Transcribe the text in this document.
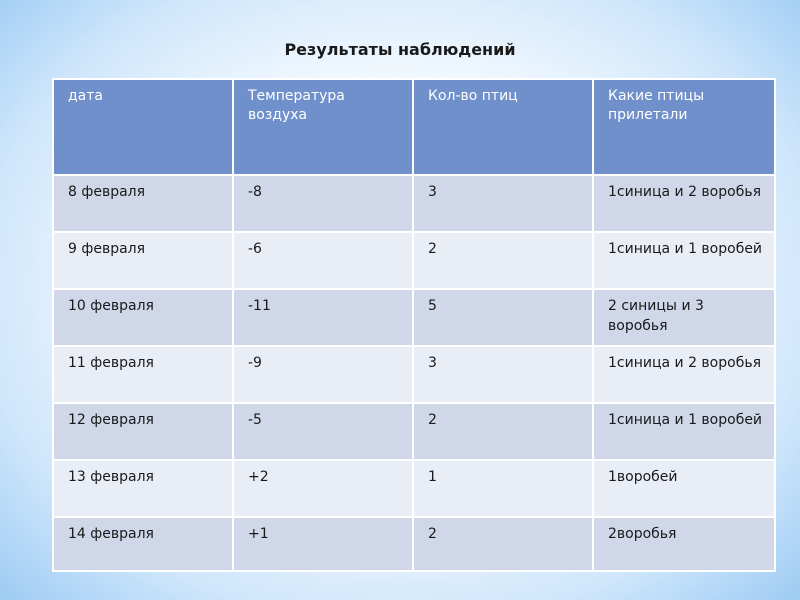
Результаты наблюдений
дата	Температура воздуха	Кол-во птиц	Какие птицы прилетали
8 февраля	-8	3	1синица и 2 воробья
9 февраля	-6	2	1синица и 1 воробей
10 февраля	-11	5	2 синицы и 3 воробья
11 февраля	-9	3	1синица и 2 воробья
12 февраля	-5	2	1синица и 1 воробей
13 февраля	+2	1	1воробей
14 февраля	+1	2	2воробья
